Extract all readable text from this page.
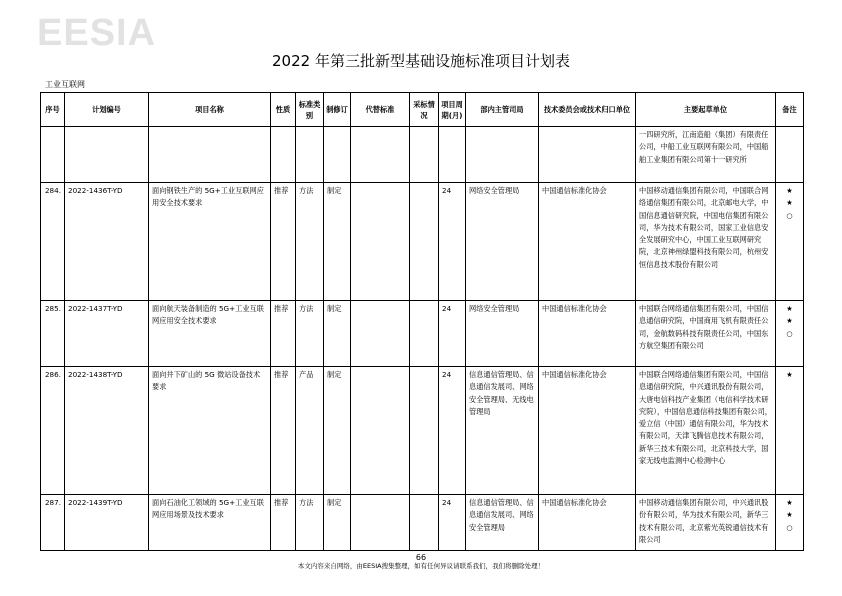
EESIA
2022 年第三批新型基础设施标准项目计划表
工业互联网
序号	计划编号	项目名称	性质	标准类别	制修订	代替标准	采标情况	项目周期(月)	部内主管司局	技术委员会或技术归口单位	主要起草单位	备注
											一四研究所，江南造船（集团）有限责任公司，中船工业互联网有限公司，中国船舶工业集团有限公司第十一研究所	
284.	2022-1436T-YD	面向钢铁生产的 5G+工业互联网应用安全技术要求	推荐	方法	制定			24	网络安全管理局	中国通信标准化协会	中国移动通信集团有限公司，中国联合网络通信集团有限公司，北京邮电大学，中国信息通信研究院，中国电信集团有限公司，华为技术有限公司，国家工业信息安全发展研究中心，中国工业互联网研究院，北京神州绿盟科技有限公司，杭州安恒信息技术股份有限公司	★
★
○

285.	2022-1437T-YD	面向航天装备制造的 5G+工业互联网应用安全技术要求	推荐	方法	制定			24	网络安全管理局	中国通信标准化协会	中国联合网络通信集团有限公司，中国信息通信研究院，中国商用飞机有限责任公司，金航数码科技有限责任公司，中国东方航空集团有限公司	★
★
○

286.	2022-1438T-YD	面向井下矿山的 5G 微站设备技术要求	推荐	产品	制定			24	信息通信管理局、信息通信发展司、网络安全管理局、无线电管理局	中国通信标准化协会	中国联合网络通信集团有限公司，中国信息通信研究院，中兴通讯股份有限公司，大唐电信科技产业集团（电信科学技术研究院），中国信息通信科技集团有限公司，爱立信（中国）通信有限公司，华为技术有限公司，天津飞腾信息技术有限公司，新华三技术有限公司，北京科技大学，国家无线电监测中心检测中心	★

287.	2022-1439T-YD	面向石油化工领域的 5G+工业互联网应用场景及技术要求	推荐	方法	制定			24	信息通信管理局、信息通信发展司、网络安全管理局	中国通信标准化协会	中国移动通信集团有限公司，中兴通讯股份有限公司，华为技术有限公司，新华三技术有限公司，北京紫光英锐通信技术有限公司	★
★
○
66
本文内容来自网络，由EESIA搜集整理，如有任何异议请联系我们，我们将删除处理！
